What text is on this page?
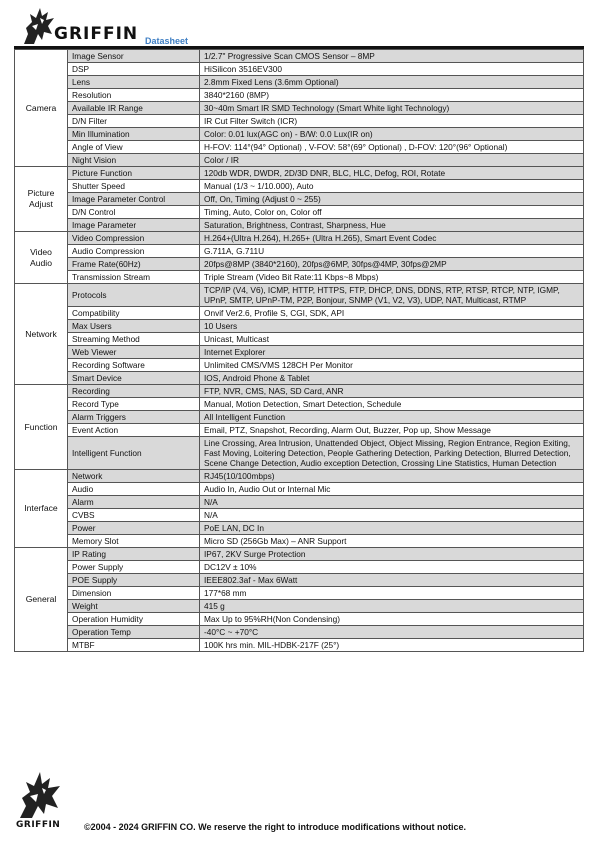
GRIFFIN Datasheet
Camera	Image Sensor	1/2.7" Progressive Scan CMOS Sensor – 8MP
	DSP	HiSilicon 3516EV300
	Lens	2.8mm Fixed Lens (3.6mm Optional)
	Resolution	3840*2160 (8MP)
	Available IR Range	30~40m Smart IR SMD Technology (Smart White light Technology)
	D/N Filter	IR Cut Filter Switch (ICR)
	Min Illumination	Color: 0.01 lux(AGC on) - B/W: 0.0 Lux(IR on)
	Angle of View	H-FOV: 114°(94° Optional) , V-FOV: 58°(69° Optional) , D-FOV: 120°(96° Optional)
	Night Vision	Color / IR
Picture Adjust	Picture Function	120db WDR, DWDR, 2D/3D DNR, BLC, HLC, Defog, ROI, Rotate
	Shutter Speed	Manual (1/3 ~ 1/10.000), Auto
	Image Parameter Control	Off, On, Timing (Adjust 0 ~ 255)
	D/N Control	Timing, Auto, Color on, Color off
	Image Parameter	Saturation, Brightness, Contrast, Sharpness, Hue
Video Audio	Video Compression	H.264+(Ultra H.264), H.265+ (Ultra H.265), Smart Event Codec
	Audio Compression	G.711A, G.711U
	Frame Rate(60Hz)	20fps@8MP (3840*2160), 20fps@6MP, 30fps@4MP, 30fps@2MP
	Transmission Stream	Triple Stream (Video Bit Rate:11 Kbps~8 Mbps)
Network	Protocols	TCP/IP (V4, V6), ICMP, HTTP, HTTPS, FTP, DHCP, DNS, DDNS, RTP, RTSP, RTCP, NTP, IGMP, UPnP, SMTP, UPnP-TM, P2P, Bonjour, SNMP (V1, V2, V3), UDP, NAT, Multicast, RTMP
	Compatibility	Onvif Ver2.6, Profile S, CGI, SDK, API
	Max Users	10 Users
	Streaming Method	Unicast, Multicast
	Web Viewer	Internet Explorer
	Recording Software	Unlimited CMS/VMS 128CH Per Monitor
	Smart Device	IOS, Android Phone & Tablet
Function	Recording	FTP, NVR, CMS, NAS, SD Card, ANR
	Record Type	Manual, Motion Detection, Smart Detection, Schedule
	Alarm Triggers	All Intelligent Function
	Event Action	Email, PTZ, Snapshot, Recording, Alarm Out, Buzzer, Pop up, Show Message
	Intelligent Function	Line Crossing, Area Intrusion, Unattended Object, Object Missing, Region Entrance, Region Exiting, Fast Moving, Loitering Detection, People Gathering Detection, Parking Detection, Blurred Detection, Scene Change Detection, Audio exception Detection, Crossing Line Statistics, Human Detection
Interface	Network	RJ45(10/100mbps)
	Audio	Audio In, Audio Out or Internal Mic
	Alarm	N/A
	CVBS	N/A
	Power	PoE LAN, DC In
	Memory Slot	Micro SD (256Gb Max) – ANR Support
General	IP Rating	IP67, 2KV Surge Protection
	Power Supply	DC12V ± 10%
	POE Supply	IEEE802.3af - Max 6Watt
	Dimension	177*68 mm
	Weight	415 g
	Operation Humidity	Max Up to 95%RH(Non Condensing)
	Operation Temp	-40°C ~ +70°C
	MTBF	100K hrs min. MIL-HDBK-217F (25°)
GRIFFIN	©2004 - 2024 GRIFFIN CO. We reserve the right to introduce modifications without notice.
